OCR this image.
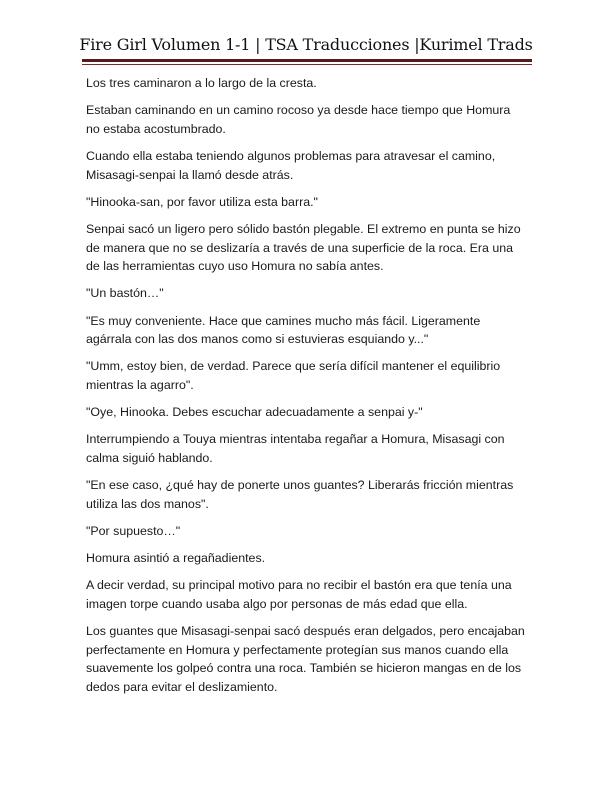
Fire Girl Volumen 1-1 | TSA Traducciones |Kurimel Trads

Los tres caminaron a lo largo de la cresta.

Estaban caminando en un camino rocoso ya desde hace tiempo que Homura no estaba acostumbrado.

Cuando ella estaba teniendo algunos problemas para atravesar el camino, Misasagi-senpai la llamó desde atrás.

"Hinooka-san, por favor utiliza esta barra."

Senpai sacó un ligero pero sólido bastón plegable. El extremo en punta se hizo de manera que no se deslizaría a través de una superficie de la roca. Era una de las herramientas cuyo uso Homura no sabía antes.

"Un bastón…"

"Es muy conveniente. Hace que camines mucho más fácil. Ligeramente agárrala con las dos manos como si estuvieras esquiando y..."

"Umm, estoy bien, de verdad. Parece que sería difícil mantener el equilibrio mientras la agarro".

"Oye, Hinooka. Debes escuchar adecuadamente a senpai y-"

Interrumpiendo a Touya mientras intentaba regañar a Homura, Misasagi con calma siguió hablando.

"En ese caso, ¿qué hay de ponerte unos guantes? Liberarás fricción mientras utiliza las dos manos".

"Por supuesto…"

Homura asintió a regañadientes.

A decir verdad, su principal motivo para no recibir el bastón era que tenía una imagen torpe cuando usaba algo por personas de más edad que ella.

Los guantes que Misasagi-senpai sacó después eran delgados, pero encajaban perfectamente en Homura y perfectamente protegían sus manos cuando ella suavemente los golpeó contra una roca. También se hicieron mangas en de los dedos para evitar el deslizamiento.
